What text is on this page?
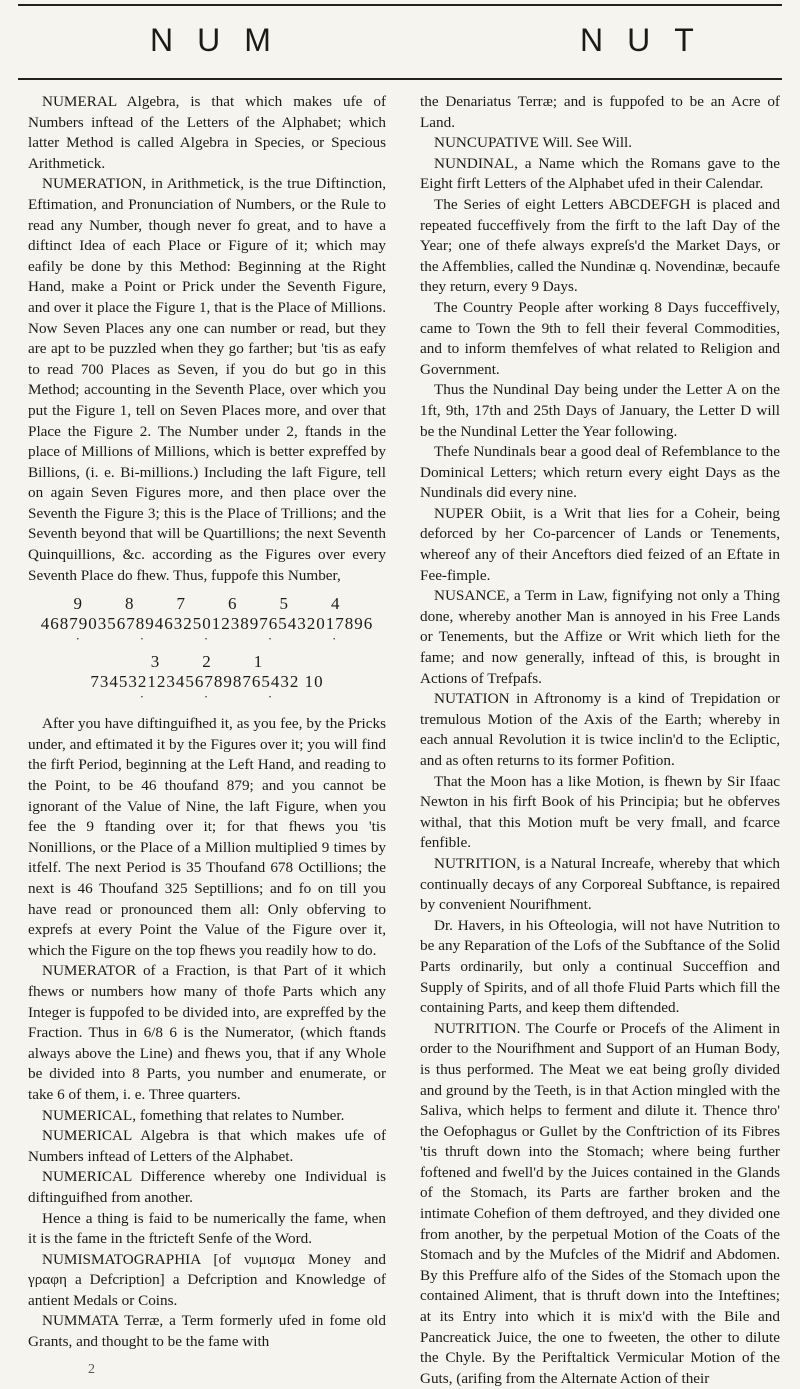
NUM	NUT

NUMERAL Algebra, is that which makes ufe of Numbers inftead of the Letters of the Alphabet; which latter Method is called Algebra in Species, or Specious Arithmetick.

NUMERATION, in Arithmetick, is the true Diftinction, Eftimation, and Pronunciation of Numbers, or the Rule to read any Number, though never fo great, and to have a diftinct Idea of each Place or Figure of it; which may eafily be done by this Method: Beginning at the Right Hand, make a Point or Prick under the Seventh Figure, and over it place the Figure 1, that is the Place of Millions. Now Seven Places any one can number or read, but they are apt to be puzzled when they go farther; but 'tis as eafy to read 700 Places as Seven, if you do but go in this Method; accounting in the Seventh Place, over which you put the Figure 1, tell on Seven Places more, and over that Place the Figure 2. The Number under 2, ftands in the place of Millions of Millions, which is better expreffed by Billions, (i. e. Bi-millions.) Including the laft Figure, tell on again Seven Figures more, and then place over the Seventh the Figure 3; this is the Place of Trillions; and the Seventh beyond that will be Quartillions; the next Seventh Quinquillions, &c. according as the Figures over every Seventh Place do fhew. Thus, fuppofe this Number,

9        8        7        6        5        4
46879035678946325012389765432017896
·           ·           ·           ·           ·
3        2        1
7345321234567898765432 10
·           ·           ·

After you have diftinguifhed it, as you fee, by the Pricks under, and eftimated it by the Figures over it; you will find the firft Period, beginning at the Left Hand, and reading to the Point, to be 46 thoufand 879; and you cannot be ignorant of the Value of Nine, the laft Figure, when you fee the 9 ftanding over it; for that fhews you 'tis Nonillions, or the Place of a Million multiplied 9 times by itfelf. The next Period is 35 Thoufand 678 Octillions; the next is 46 Thoufand 325 Septillions; and fo on till you have read or pronounced them all: Only obferving to exprefs at every Point the Value of the Figure over it, which the Figure on the top fhews you readily how to do.

NUMERATOR of a Fraction, is that Part of it which fhews or numbers how many of thofe Parts which any Integer is fuppofed to be divided into, are expreffed by the Fraction. Thus in 6/8 6 is the Numerator, (which ftands always above the Line) and fhews you, that if any Whole be divided into 8 Parts, you number and enumerate, or take 6 of them, i. e. Three quarters.

NUMERICAL, fomething that relates to Number.

NUMERICAL Algebra is that which makes ufe of Numbers inftead of Letters of the Alphabet.

NUMERICAL Difference whereby one Individual is diftinguifhed from another.

Hence a thing is faid to be numerically the fame, when it is the fame in the ftricteft Senfe of the Word.

NUMISMATOGRAPHIA [of νυμισμα Money and γραφη a Defcription] a Defcription and Knowledge of antient Medals or Coins.

NUMMATA Terræ, a Term formerly ufed in fome old Grants, and thought to be the fame with

the Denariatus Terræ; and is fuppofed to be an Acre of Land.

NUNCUPATIVE Will. See Will.

NUNDINAL, a Name which the Romans gave to the Eight firft Letters of the Alphabet ufed in their Calendar.

The Series of eight Letters ABCDEFGH is placed and repeated fucceffively from the firft to the laft Day of the Year; one of thefe always expreſs'd the Market Days, or the Affemblies, called the Nundinæ q. Novendinæ, becaufe they return, every 9 Days.

The Country People after working 8 Days fucceffively, came to Town the 9th to fell their feveral Commodities, and to inform themfelves of what related to Religion and Government.

Thus the Nundinal Day being under the Letter A on the 1ft, 9th, 17th and 25th Days of January, the Letter D will be the Nundinal Letter the Year following.

Thefe Nundinals bear a good deal of Refemblance to the Dominical Letters; which return every eight Days as the Nundinals did every nine.

NUPER Obiit, is a Writ that lies for a Coheir, being deforced by her Co-parcencer of Lands or Tenements, whereof any of their Anceftors died feized of an Eftate in Fee-fimple.

NUSANCE, a Term in Law, fignifying not only a Thing done, whereby another Man is annoyed in his Free Lands or Tenements, but the Affize or Writ which lieth for the fame; and now generally, inftead of this, is brought in Actions of Trefpafs.

NUTATION in Aftronomy is a kind of Trepidation or tremulous Motion of the Axis of the Earth; whereby in each annual Revolution it is twice inclin'd to the Ecliptic, and as often returns to its former Pofition.

That the Moon has a like Motion, is fhewn by Sir Ifaac Newton in his firft Book of his Principia; but he obferves withal, that this Motion muft be very fmall, and fcarce fenfible.

NUTRITION, is a Natural Increafe, whereby that which continually decays of any Corporeal Subftance, is repaired by convenient Nourifhment.

Dr. Havers, in his Ofteologia, will not have Nutrition to be any Reparation of the Lofs of the Subftance of the Solid Parts ordinarily, but only a continual Succeffion and Supply of Spirits, and of all thofe Fluid Parts which fill the containing Parts, and keep them diftended.

NUTRITION. The Courfe or Procefs of the Aliment in order to the Nourifhment and Support of an Human Body, is thus performed. The Meat we eat being groſly divided and ground by the Teeth, is in that Action mingled with the Saliva, which helps to ferment and dilute it. Thence thro' the Oefophagus or Gullet by the Conftriction of its Fibres 'tis thruft down into the Stomach; where being further foftened and fwell'd by the Juices contained in the Glands of the Stomach, its Parts are farther broken and the intimate Cohefion of them deftroyed, and they divided one from another, by the perpetual Motion of the Coats of the Stomach and by the Mufcles of the Midrif and Abdomen. By this Preffure alfo of the Sides of the Stomach upon the contained Aliment, that is thruft down into the Inteftines; at its Entry into which it is mix'd with the Bile and Pancreatick Juice, the one to fweeten, the other to dilute the Chyle. By the Periftaltick Vermicular Motion of the Guts, (arifing from the Alternate Action of their

2
